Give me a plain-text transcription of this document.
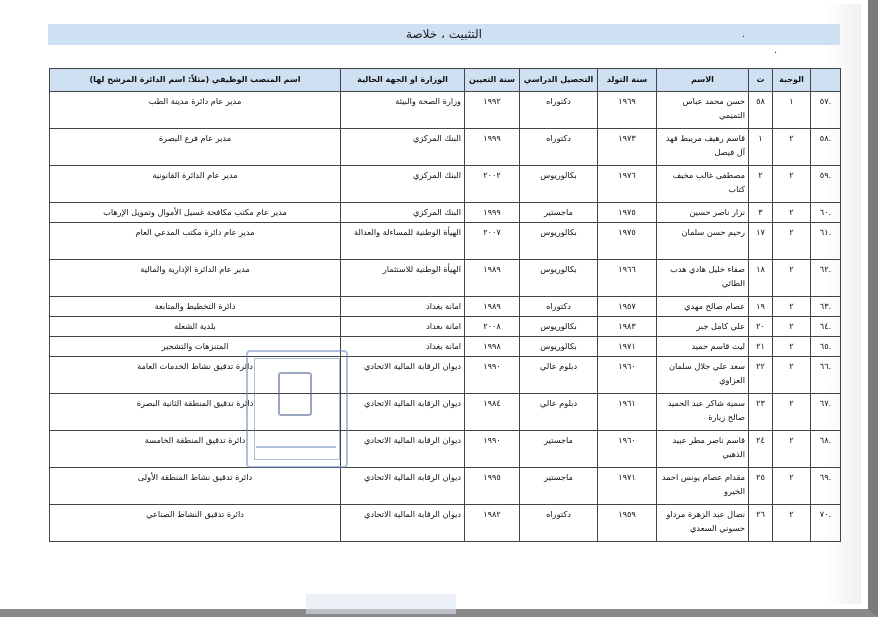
التثبيت ، خلاصة	·
·
	الوجبة	ت	الاسم	سنة التولد	التحصيل الدراسي	سنة التعيين	الوزارة او الجهة الحالية	اسم المنصب الوظيفي (مثلاً: اسم الدائرة المرشح لها)
.٥٧	١	٥٨	حسن محمد عباس التميمي	١٩٦٩	دكتوراه	١٩٩٢	وزارة الصحة والبيئة	مدير عام دائرة مدينة الطب
.٥٨	٢	١	قاسم رهيف مريبط فهد آل فيصل	١٩٧٣	دكتوراه	١٩٩٩	البنك المركزي	مدير عام فرع البصرة
.٥٩	٢	٢	مصطفى غالب مخيف كتاب	١٩٧٦	بكالوريوس	٢٠٠٢	البنك المركزي	مدير عام الدائرة القانونية
.٦٠	٢	٣	نزار ناصر حسين	١٩٧٥	ماجستير	١٩٩٩	البنك المركزي	مدير عام مكتب مكافحة غسيل الأموال وتمويل الإرهاب
.٦١	٢	١٧	رحيم حسن سلمان	١٩٧٥	بكالوريوس	٢٠٠٧	الهيأة الوطنية للمساءلة والعدالة	مدير عام دائرة مكتب المدعي العام
.٦٢	٢	١٨	صفاء خليل هادي هدب الطائي	١٩٦٦	بكالوريوس	١٩٨٩	الهيأة الوطنية للاستثمار	مدير عام الدائرة الإدارية والمالية
.٦٣	٢	١٩	عصام صالح مهدي	١٩٥٧	دكتوراه	١٩٨٩	امانة بغداد	دائرة التخطيط والمتابعة
.٦٤	٢	٢٠	علي كامل جبر	١٩٨٣	بكالوريوس	٢٠٠٨	امانة بغداد	بلدية الشعلة
.٦٥	٢	٢١	ليث قاسم حميد	١٩٧١	بكالوريوس	١٩٩٨	امانة بغداد	المتنزهات والتشجير
.٦٦	٢	٢٢	سعد علي جلال سلمان العزاوي	١٩٦٠	دبلوم عالي	١٩٩٠	ديوان الرقابة المالية الاتحادي	دائرة تدقيق نشاط الخدمات العامة
.٦٧	٢	٢٣	سمية شاكر عبد الحميد صالح زيارة	١٩٦١	دبلوم عالي	١٩٨٤	ديوان الرقابة المالية الاتحادي	دائرة تدقيق المنطقة الثانية البصرة
.٦٨	٢	٢٤	قاسم ناصر مطر عبيد الذهبي	١٩٦٠	ماجستير	١٩٩٠	ديوان الرقابة المالية الاتحادي	دائرة تدقيق المنطقة الخامسة
.٦٩	٢	٢٥	مقدام عصام يونس احمد الخيرو	١٩٧١	ماجستير	١٩٩٥	ديوان الرقابة المالية الاتحادي	دائرة تدقيق نشاط المنطقة الأولى
.٧٠	٢	٢٦	نضال عبد الزهرة مرداو حسوني السعدي	١٩٥٩	دكتوراه	١٩٨٢	ديوان الرقابة المالية الاتحادي	دائرة تدقيق النشاط الصناعي
